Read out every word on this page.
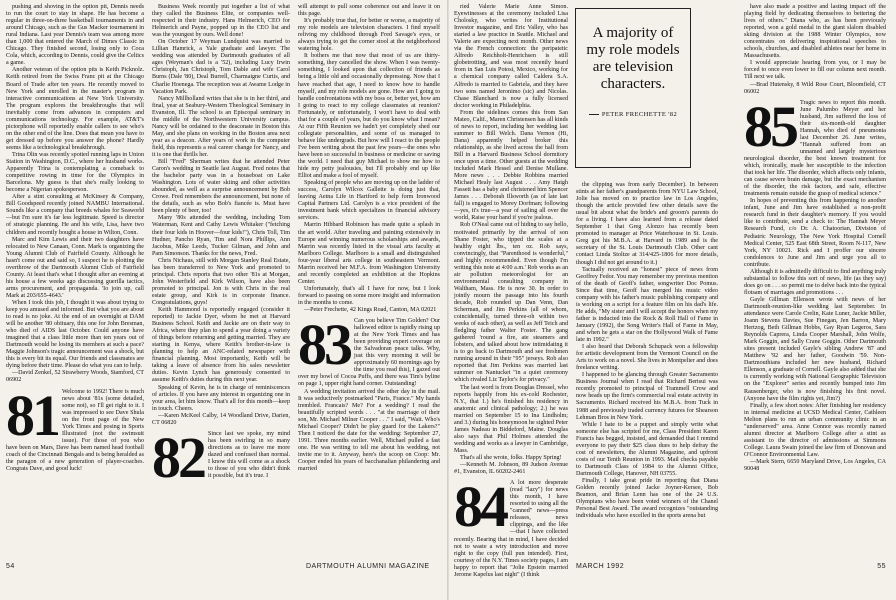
pushing and shoving in the option pit, Dennis needs to run the court to stay in shape. He has become a regular in three-on-three basketball tournaments in and around Chicago, such as the Gus Macker tournament in rural Indiana. Last year Dennis's team was among more than 1,000 that entered the March of Dimes Classic in Chicago. They finished second, losing only to Coca Cola, which, according to Dennis, could give the Celtics a game.

Another veteran of the option pits is Keith Picknolz. Keith retired from the Swiss Franc pit at the Chicago Board of Trade after ten years. He recently moved to New York and enrolled in the master's program in interactive communications at New York University. The program explores the breakthroughs that will inevitably come from advances in computers and communications technology. For example, AT&T's pictorphone will reportedly enable callers to see who's on the other end of the line. Does that mean you have to get dressed up before you answer the phone? Hardly seems like a technological breakthrough.

Trina Olin was recently spotted running laps in Union Station in Washington, D.C., where her husband works. Apparently Trina is contemplating a comeback to competitive rowing in time for the Olympics in Barcelona. My guess is that she's really looking to become a Nigerian spokesperson.

After a stint consulting at McKinsey & Company, Bill Goodspeed recently joined NAMBU International. Sounds like a company that breeds whales for Seaworld—but I'm sure it's far less legitimate. Speed is director of strategic planning. He and his wife, Lisa, have two children and recently bought a house in Wilton, Conn.

Marc and Kim Lewis and their two daughters have relocated to New Canaan, Conn. Mark is organizing the Young Alumni Club of Fairfield County. Although he hasn't come out and said so, I suspect he is plotting the overthrow of the Dartmouth Alumni Club of Fairfield County. At least that's what I thought after an evening at his house a few weeks ago discussing guerilla tactics, arms procurement, and propaganda. 'Io join up, call Mark at 203/655-4643.'

When I took this job, I thought it was about trying to keep you amused and informed. But what you are about to read is no joke. At the end of an overnight at DAM will be another '80 obituary, this one for John Bresman, who died of AIDS last October. Could anyone have imagined that a class little more than ten years out of Dartmouth would be losing its members at such a pace? Maggie Johnson's tragic announcement was a shock, but this is every bit its equal. Our friends and classmates are dying before their time. Please do what you can to help.

—David Zenkel, 52 Strawberry Woods, Stamford, CT 06902

81 Welcome to 1992! There is much news about '81s (some detailed, some not), so I'll get right to it. I was impressed to see Dave Shula on the front page of the New York Times and posing in Sports Illustrated (not the swimsuit issue). For those of you who have been on Mars, Dave has been named head football coach of the Cincinnati Bengals and is being heralded as the paragon of a new generation of player-coaches. Congrats Dave, and good luck!

Business Week recently put together a list of what they called the Business Elite, or companies well-respected in their industry. Hans Helmerich, CEO for Helmerich and Payne, popped up in the CEO list and was the youngest by ours. Well done!

On October 17 Weyman Lundquist was married to Lillian Hamrick, a Yale graduate and lawyer. The wedding was attended by Dartmouth graduates of all ages (Weyman's dad is a '52), including Lucy Irwin Christoph, Jan Christoph, Tom Dable and wife Carol Burns (Dale '80), Deal Burrell, Charmaigne Curtis, and Charlie Hoenega. The reception was at Awame Lodge in Vacation Park.

Nancy Millholland writes that she is in her third, and final, year at Seabury-Western Theological Seminary in Evanston, Ill. The school is an Episcopal seminary in the middle of the Northwestern University campus. Nancy will be ordained to the deaconate in Boston this May, and she plans on working in the Boston area next year as a deacon. After years of work in the computer field, this represents a real career change for Nancy, and it is one that thrills her.

Bill "Fred" Sherman writes that he attended Peter Caron's wedding in Seattle last August. Fred notes that the bachelor party was in a houseboat on Lake Washington. Lots of water skiing and other activities abounded, as well as a surprise announcement by Bob Crowe. Fred remembers the announcement, but none of the details, such as who Bob's fiancée is. Must have been plenty of beer, too!

Many '80s attended the wedding, including Tom Waterman, Kent and Cathy Lewis Whitaker ("fetching their four kids in Hoover—four kids!"), Chris Toll, Tim Hudner, Pancho Ryan, Tim and Nora Phillips, Ann Jacobus, Mike Leeds, Tucker Gilman, and John and Pam Simonson. Thanks for the news, Fred.

Chris Nichaus, still with Morgan Stanley Real Estate, has been transferred to New York and promoted to principal. Chris reports that two other '81s at Morgan, John Westerfield and Kirk Wilson, have also been promoted to principal. Jon is with Chris in the real estate group, and Kirk is in corporate finance. Congratulations, guys!

Keith Hammond is reportedly engaged (consider it reported) to Jackie Dyer, whom he met at Harvard Business School. Keith and Jackie are on their way to Africa, where they plan to spend a year doing a variety of things before returning and getting married. They are starting in Kenya, where Keith's brother-in-law is planning to help an ANC-related newspaper with financial planning. Most importantly, Keith will be taking a leave of absence from his sales newsletter duties. Kevin Lynch has generously consented to assume Keith's duties during this next year.

Speaking of Kevin, he is in charge of reminiscences of articles. If you have any interest in organizing one in your area, let him know. That's all for this month—keep in touch. Cheers.

—Karen McKeel Calby, 14 Woodland Drive, Darien, CT 06820

82 Since last we spoke, my mind has been swirling in so many directions as to leave me more dazed and confused than normal. I know this will come as a shock to those of you who didn't think it possible, but it's true. I

will attempt to pull some coherence out and leave it on this page.

It's probably true that, for better or worse, a majority of my role models are television characters. I find myself reliving my childhood through Fred Savage's eyes, or always trying to get the corner stool at the neighborhood watering hole.

It bothers me that now that most of us are thirty-something, they cancelled the show. When I was twenty-something, I looked upon that collection of friends as being a little old and occasionally depressing. Now that I have reached that age, I need to know how to handle myself, and my role models are gone. How am I going to handle confrontations with my boss or, better yet, how am I going to react to my college classmates at reunion? Fortunately, or unfortunately, I won't have to deal with that for a couple of years, but do you know what I mean? At our Fifth Reunion we hadn't yet completely shed our collegiate personalities, and some of us managed to behave like undergrads. But how will I react to the people I've been writing about the past few years—the ones who have been so successful in business or medicine or saving the world. I need that guy Michael to show me how to hide my petty jealousies, but I'll probably end up like Elliot and make a fool of myself.

Speaking of people who are moving up on the ladder of success, Carolyn Wilcox Gallette is doing just that, leaving Aetna Life in Hartford to help form Ironwood Capital Partners Ltd. Carolyn is a vice president of the investment bank which specializes in financial advisory services.

Marrin Hibbard Robinson has made quite a splash in the art world. After traveling and painting extensively in Europe and winning numerous scholarships and awards, Marrin was recently listed in the visual arts faculty at Marlboro College. Marlboro is a small and distinguished four-year liberal arts college in southeastern Vermont. Marrin received her M.F.A. from Washington University and recently completed an exhibition at the Hopkins Center.

Unfortunately, that's all I have for now, but I look forward to passing on some more insight and information in the months to come.

—Peter Frechette, 42 Kings Road, Canton, MA 02021

83 Can you believe Tim Golden? Our hallowed editor is rapidly rising up at the New York Times and has been providing expert coverage on the Salvadoran peace talks. Why, just this very morning it will be approximately 60 mornings ago by the time you read this), I gazed out over my bowl of Cocoa Puffs, and there was Tim's byline on page 1, upper right hand corner. Outstanding!

A wedding invitation arrived the other day in the mail. It was seductively postmarked "Paris, France." My hands trembled. Francais? Me? For a wedding? I read the beautifully scripted words . . . "at the marriage of their son, Mr. Michael Milner Cooper . . ." I said, "Wait. Who's Michael Cooper? Didn't he play guard for the Lakers?" Then I noticed the date for the wedding: September 27, 1991. Three months earlier. Well, Michael pulled a fast one. He was writing to tell me about his wedding, not invite me to it. Anyway, here's the scoop on Coop: Mr. Cooper ended his years of bacchanalian philandering and married

54	DARTMOUTH ALUMNI MAGAZINE

ried Valerie Marie Anne Simon. Eyewitnesses at the ceremony included Lisa Cholosky, who writes for Institutional Investor magazine, and Eric Valley, who has started a law practice in Seattle. Michael and Valerie are expecting next month. Other news via the French connection: the peripatetic Alfredo Reichholt-Henrichsen is still globetrotting, and was most recently heard from in San Luis Potosi, Mexico, working for a chemical company called Caldera S.A. Alfredo is married to Gabriela, and they have two sons named Jeronimo (sic) and Nicolas. Chase Blanchard is now a fully licensed doctor working in Philadelphia.

From the sidelines comes this from San Mateo, Calif., Maren Christensen has all kinds of news to report, including her wedding last summer to Bill Welch. Dana Vernon (Hi, Dana) apparently helped broker this relationship, as she lived across the hall from Bill in a Harvard Business School dormitory once upon a time. Other guests at the wedding included Mark Hessel and Denise Mullane. More news . . . Debbie Robbins married Michael Healy last August . . . Amy Haigh Fassett has a baby and christened him Spencer James . . . Deborah Illsworth (as of late last fall) is engaged to Morey Dorfman; following—yes, it's true—a year of sailing all over the world, Raise your hand if you're jealous.

Rob O'Neal came out of hiding to say hello, motivated primarily by the arrival of son Shane Foster, who tipped the scales at a healthy eight lbs., ten oz. Rob says, convincingly, that "Parenthood is wonderful," and highly recommended. Even though I'm writing this note at 4:00 a.m.' Rob works as an air pollution meteorologist for an environmental consulting company in Waltham, Mass. He is now 30. In order to jointly mourn the passage into his fourth decade, Rob rounded up Dan Venn, Dan Scherman, and Jim Perkins (all of whom, coincidentally, turned three-oh within two weeks of each other), as well as Jeff Teich and fledgling father Walter Foster. The gang gathered 'round a fire, ate steamers and lobsters, and talked about how intimidating it is to go back to Dartmouth and see freshmen running around in their "95" jerseys. Rob also reported that Jim Perkins was married last summer on Nantucket "in a quiet ceremony which rivaled Liz Taylor's for privacy."

The last word is from Douglas Dressel, who reports happily from his ex-cold Rochester, N.Y., that 1.) he's finished his residency in anatomic and clinical pathology; 2.) he was married on September 15 to Ina Lindholm; and 3.) during his honeymoon he sighted Peter James Nadeau in Biddeford, Maine. Douglas also says that Phil Holmes attended the wedding and works as a lawyer in Cambridge, Mass.

That's all she wrote, folks. Happy Spring!

—Kenneth M. Johnson, 89 Judson Avenue #1, Evanston, IL 60202-2461

84 A lot more desperate (read "lazy") for news this month, I have resorted to using all the "canned" news—press releases, news clippings, and the like—that I have collected recently. Bearing that in mind, I have decided not to waste a wiry introduction and move right to the copy (full pun intended). First, courtesy of the N.Y. Times society pages, I am happy to report that "Jolie Epstein married Jerome Kapelus last night" (I think

the clipping was from early December). In between stints at her father's grandparents from NYU Law School, Jolie has moved on to practice law in Los Angeles, though the article provided few other details save the usual bit about what the bride's and groom's parents do for a living. I have also learned from a release dated September 1 that Greg Alonzo has recently been promoted to manager at Price Waterhouse in St. Louis. Greg got his M.B.A. at Harvard in 1989 and is the secretary of the St. Louis Dartmouth Club. Other cant contact Linda Stoltze at 314/425-1806 for more details, though I did not get around to it.)

Tactually received an "honest" piece of news from Geoffrey Fedor. You may remember my previous mention of the death of Geoff's father, songwriter Doc Pomus. Since that time, Geoff has merged his music video company with his father's music publishing company and is working on a script for a feature film on his dad's life. He adds, "My sister and I will accept the honors when my father is inducted into the Rock & Roll Hall of Fame in January (1992), the Song Writer's Hall of Fame in May, and when he gets a star on the Hollywood Walk of Fame late in 1992."

I also heard that Deborah Schupack won a fellowship for artistic development from the Vermont Council on the Arts to work on a novel. She lives in Montpelier and does freelance writing.

I happened to be glancing through Greater Sacramento Business Journal when I read that Richard Bertsui was recently promoted to principal of Trammell Crow and now heads up the firm's commercial real estate activity in Sacramento. Richard received his M.B.A. from Tuck in 1988 and previously traded currency futures for Shearson Lehman Bros in New York.

While I hate to be a puppet and simply write what someone else has scripted for me, Class President Karen Francis has begged, insisted, and demanded that I remind everyone to pay their $25 class dues to help defray the cost of newsletters, the Alumni Magazine, and upfront costs of our Tenth Reunion in 1993. Mail checks payable to Dartmouth Class of 1984 to the Alumni Office, Dartmouth College, Hanover, NH 03755.

Finally, I take great pride in reporting that Diana Golden recently joined Jacke Joyner-Kersee, Bob Beamon, and Brian Lenn has one of the 24 U.S. Olympians who have been voted winners of the Chanel Personal Best Award. The award recognizes "outstanding individuals who have excelled in the sports arena but

have also made a positive and lasting impact off the playing field by dedicating themselves to bettering the lives of others." Diana who, as has been previously reported, won a gold medal in the giant slalom disabled skiing division at the 1988 Winter Olympics, now concentrates on delivering inspirational speeches to schools, churches, and disabled athletes near her home in Massachusetts.

I would appreciate hearing from you, or I may be forced to once even lower to fill our column next month. Till next we talk.

—Brad Hutensky, 8 Wild Rose Court, Bloomfield, CT 06002

85 Tragic news to report this month. June Palumbo Meyer and her husband, Jim suffered the loss of their six-month-old daughter Hannah, who died of pneumonia last December 26. June writes, "Hannah suffered from an unnamed and largely mysterious neurological disorder, the best known treatment for which, ironically, made her susceptible to the infection that took her life. The disorder, which affects only infants, can cause severe brain damage, but the exact mechanism of the disorder, the risk factors, and safe, effective treatments remain outside the grasp of medical science."

In hopes of preventing this from happening to another infant, June and Jim have established a non-profit research fund in their daughter's memory. If you would like to contribute, send a check to: The Hannah Meyer Research Fund, c/o Dr. A. Chatoorian, Division of Pediatric Neurology, The New York Hospital Cornell Medical Center, 525 East 68th Street, Room N-117, New York, NY 10021. Rick and I proffer our sincere condolences to June and Jim and urge you all to contribute.

Although it is admittedly difficult to find anything truly substantial to follow this sort of news, life (as they say) does go on . . . so permit me to delve back into the typical flotsam of marriages and promotions . . .

Gayle Gillman Ellenson wrote with news of her Dartmouth-reunion-like wedding last September. In attendance were Carole Crelin, Kate Luner, Jackie Miller, Joann Stevens Davies, Sue Finegan, Jen Barron, Mary Hertzog, Beth Gillman Hobbs, Gay Ryan Legeros, Sara Reynolds Caprera, Linda Cooper Marshall, John Wolfe, Mark Goggin, and Sally Crane Goggin. Other Dartmouth sites present included Gayle's sibling Andrew '87 and Matthew '92 and her father, Goodwin '59. Non-Dartmouthians included her new husband, Richard Ellenson, a graduate of Cornell. Gayle also added that she is currently working with National Geographic Television on the "Explorer" series and recently bumped into Jim Rausenberger, who is now finishing his first novel. (Anyone have the film rights yet, Jim?)

Finally, a few short notes: After finishing her residency in internal medicine at UCSD Medical Center, Cathleen Melton plans to run an urban community clinic in an "underserved" area. Anne Connor was recently named alumni director at Marlboro College after a stint as assistant to the director of admissions at Simmons College. Laura Swain joined the law firm of Donovan and O'Connor Environmental Law.

—Mark Stern, 6650 Maryland Drive, Los Angeles, CA 90048

MARCH 1992	55
A majority of my role models are television characters.
PETER FRECHETTE '82
